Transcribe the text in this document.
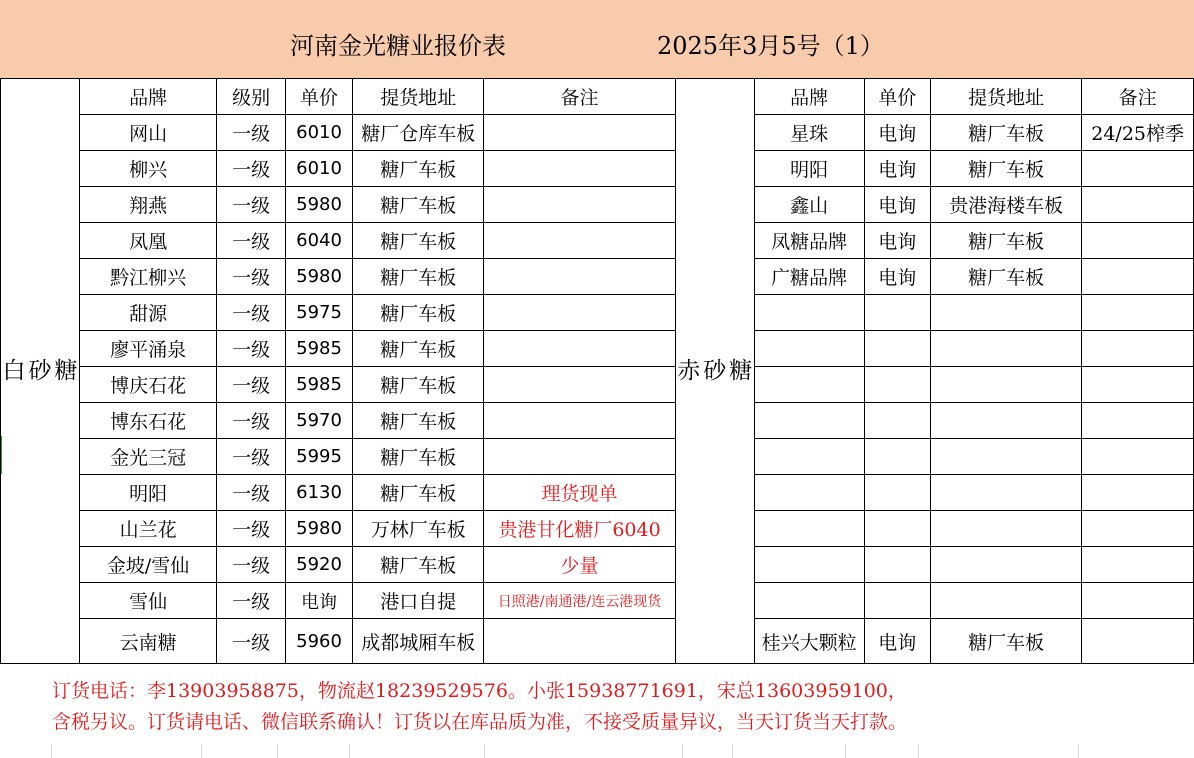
河南金光糖业报价表	2025年3月5号（1）
白 砂 糖	品牌	级别	单价	提货地址	备注	赤 砂 糖	品牌	单价	提货地址	备注
	网山	一级	6010	糖厂仓库车板			星珠	电询	糖厂车板	24/25榨季
	柳兴	一级	6010	糖厂车板			明阳	电询	糖厂车板	
	翔燕	一级	5980	糖厂车板			鑫山	电询	贵港海楼车板	
	凤凰	一级	6040	糖厂车板			凤糖品牌	电询	糖厂车板	
	黔江柳兴	一级	5980	糖厂车板			广糖品牌	电询	糖厂车板	
	甜源	一级	5975	糖厂车板						
	廖平涌泉	一级	5985	糖厂车板						
	博庆石花	一级	5985	糖厂车板						
	博东石花	一级	5970	糖厂车板						
	金光三冠	一级	5995	糖厂车板						
	明阳	一级	6130	糖厂车板	理货现单					
	山兰花	一级	5980	万林厂车板	贵港甘化糖厂6040					
	金坡/雪仙	一级	5920	糖厂车板	少量					
	雪仙	一级	电询	港口自提	日照港/南通港/连云港现货					
	云南糖	一级	5960	成都城厢车板			桂兴大颗粒	电询	糖厂车板	
订货电话：李13903958875，物流赵18239529576。小张15938771691，宋总13603959100，
含税另议。订货请电话、微信联系确认！订货以在库品质为准，不接受质量异议，当天订货当天打款。
